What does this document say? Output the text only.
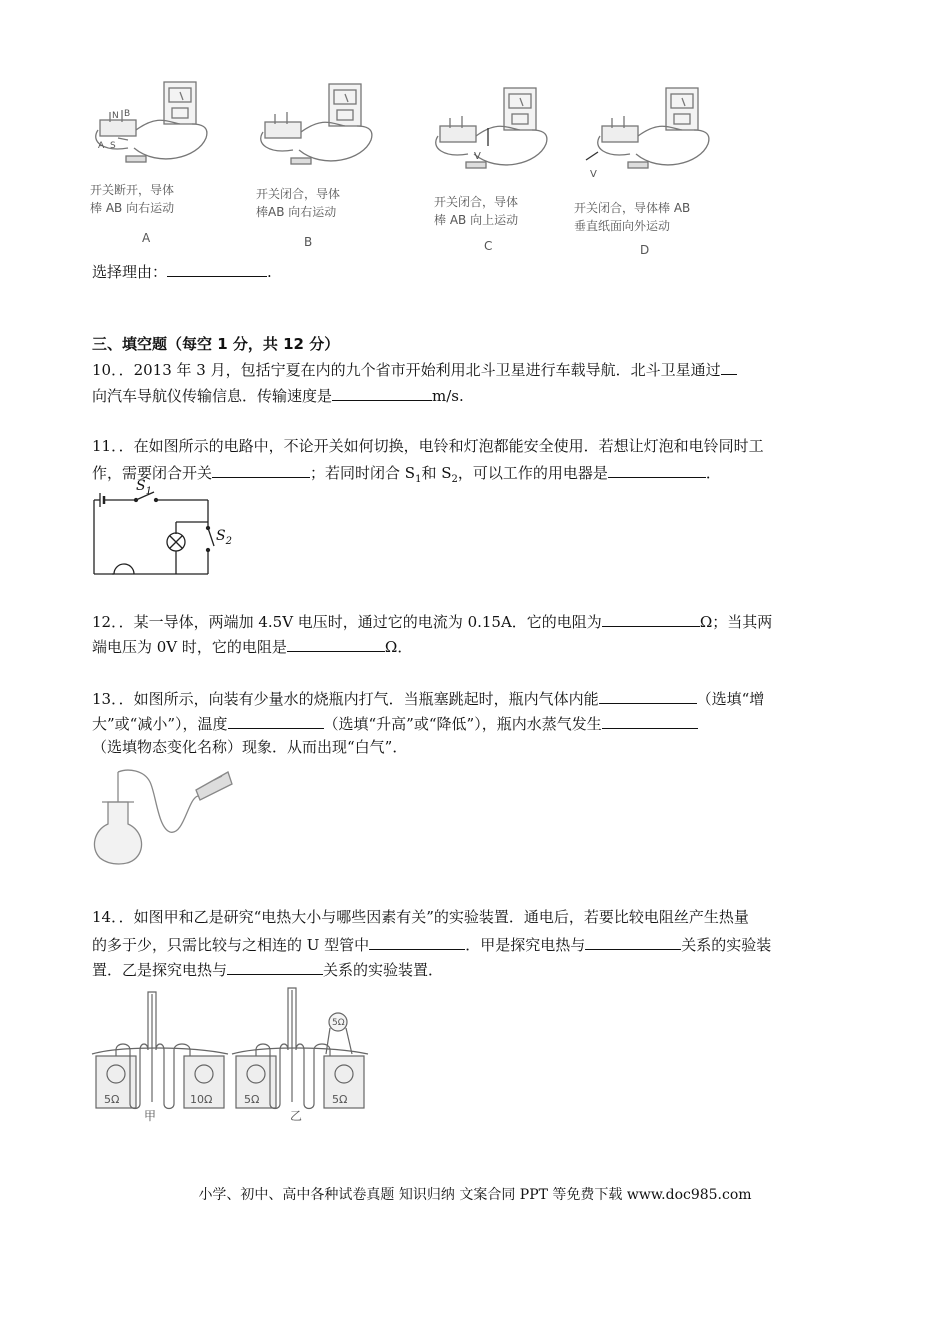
N B
A S
V
V
开关断开，导体
棒 AB 向右运动
A
开关闭合，导体
棒AB 向右运动
B
开关闭合，导体
棒 AB 向上运动
C
开关闭合，导体棒 AB
垂直纸面向外运动
D
选择理由：	.
三、填空题（每空 1 分，共 12 分）
10．．2013 年 3 月，包括宁夏在内的九个省市开始利用北斗卫星进行车载导航．北斗卫星通过
向汽车导航仪传输信息．传输速度是	m/s.
11．．在如图所示的电路中，不论开关如何切换，电铃和灯泡都能安全使用．若想让灯泡和电铃同时工
作，需要闭合开关	；若同时闭合 $S_1$和 $S_2$，可以工作的用电器是	．
$S_1$
$S_2$
12．．某一导体，两端加 4.5V 电压时，通过它的电流为 0.15A．它的电阻为	Ω；当其两
端电压为 0V 时，它的电阻是	Ω．
13．．如图所示，向装有少量水的烧瓶内打气．当瓶塞跳起时，瓶内气体内能	（选填“增
大”或“减小”），温度	（选填“升高”或“降低”），瓶内水蒸气发生
（选填物态变化名称）现象．从而出现“白气”．
14．．如图甲和乙是研究“电热大小与哪些因素有关”的实验装置．通电后，若要比较电阻丝产生热量
的多于少，只需比较与之相连的 U 型管中	．甲是探究电热与	关系的实验装
置．乙是探究电热与	关系的实验装置．
5Ω	10Ω	5Ω	5Ω
5Ω
甲	乙
小学、初中、高中各种试卷真题 知识归纳 文案合同 PPT 等免费下载 www.doc985.com
